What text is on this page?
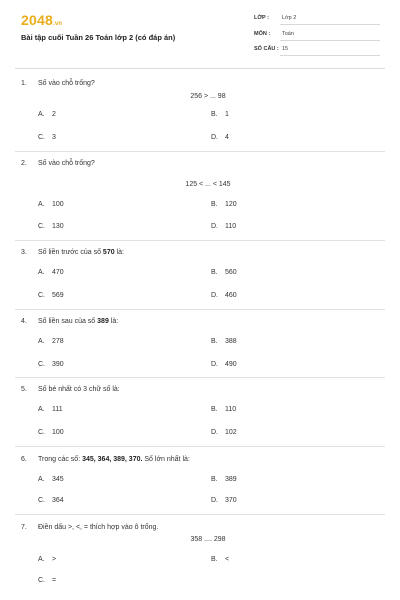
2048.vn
Bài tập cuối Tuần 26 Toán lớp 2 (có đáp án)
LỚP : Lớp 2
MÔN : Toán
SỐ CÂU : 15
1. Số vào chỗ trống?
256 > ... 98
A. 2	B. 1
C. 3	D. 4
2. Số vào chỗ trống?
125 < ... < 145
A. 100	B. 120
C. 130	D. 110
3. Số liền trước của số 570 là:
A. 470	B. 560
C. 569	D. 460
4. Số liền sau của số 389 là:
A. 278	B. 388
C. 390	D. 490
5. Số bé nhất có 3 chữ số là:
A. 111	B. 110
C. 100	D. 102
6. Trong các số: 345, 364, 389, 370. Số lớn nhất là:
A. 345	B. 389
C. 364	D. 370
7. Điền dấu >, <, = thích hợp vào ô trống.
358 .... 298
A. >	B. <
C. =
